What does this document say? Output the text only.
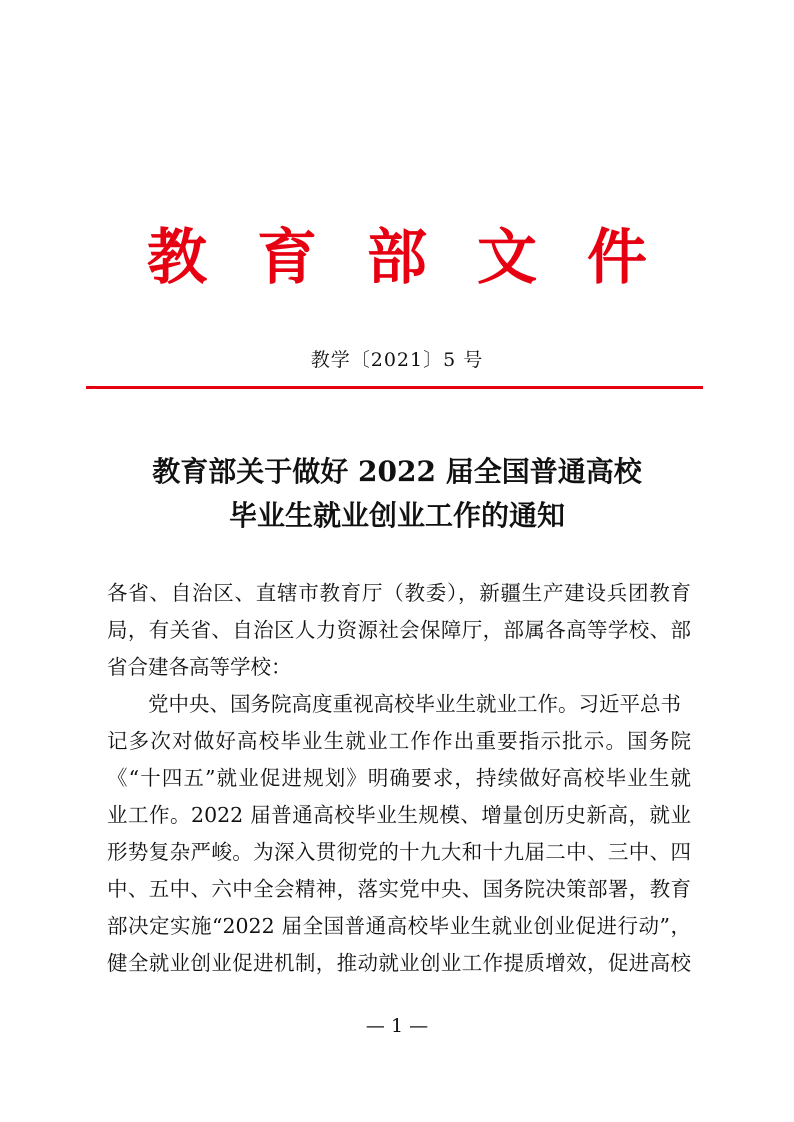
教 育 部 文 件
教学〔2021〕5 号
教育部关于做好 2022 届全国普通高校
毕业生就业创业工作的通知

各省、自治区、直辖市教育厅（教委），新疆生产建设兵团教育

局，有关省、自治区人力资源社会保障厅，部属各高等学校、部

省合建各高等学校：

　　党中央、国务院高度重视高校毕业生就业工作。习近平总书

记多次对做好高校毕业生就业工作作出重要指示批示。国务院

《“十四五”就业促进规划》明确要求，持续做好高校毕业生就

业工作。2022 届普通高校毕业生规模、增量创历史新高，就业

形势复杂严峻。为深入贯彻党的十九大和十九届二中、三中、四

中、五中、六中全会精神，落实党中央、国务院决策部署，教育

部决定实施“2022 届全国普通高校毕业生就业创业促进行动”，

健全就业创业促进机制，推动就业创业工作提质增效，促进高校

— 1 —
